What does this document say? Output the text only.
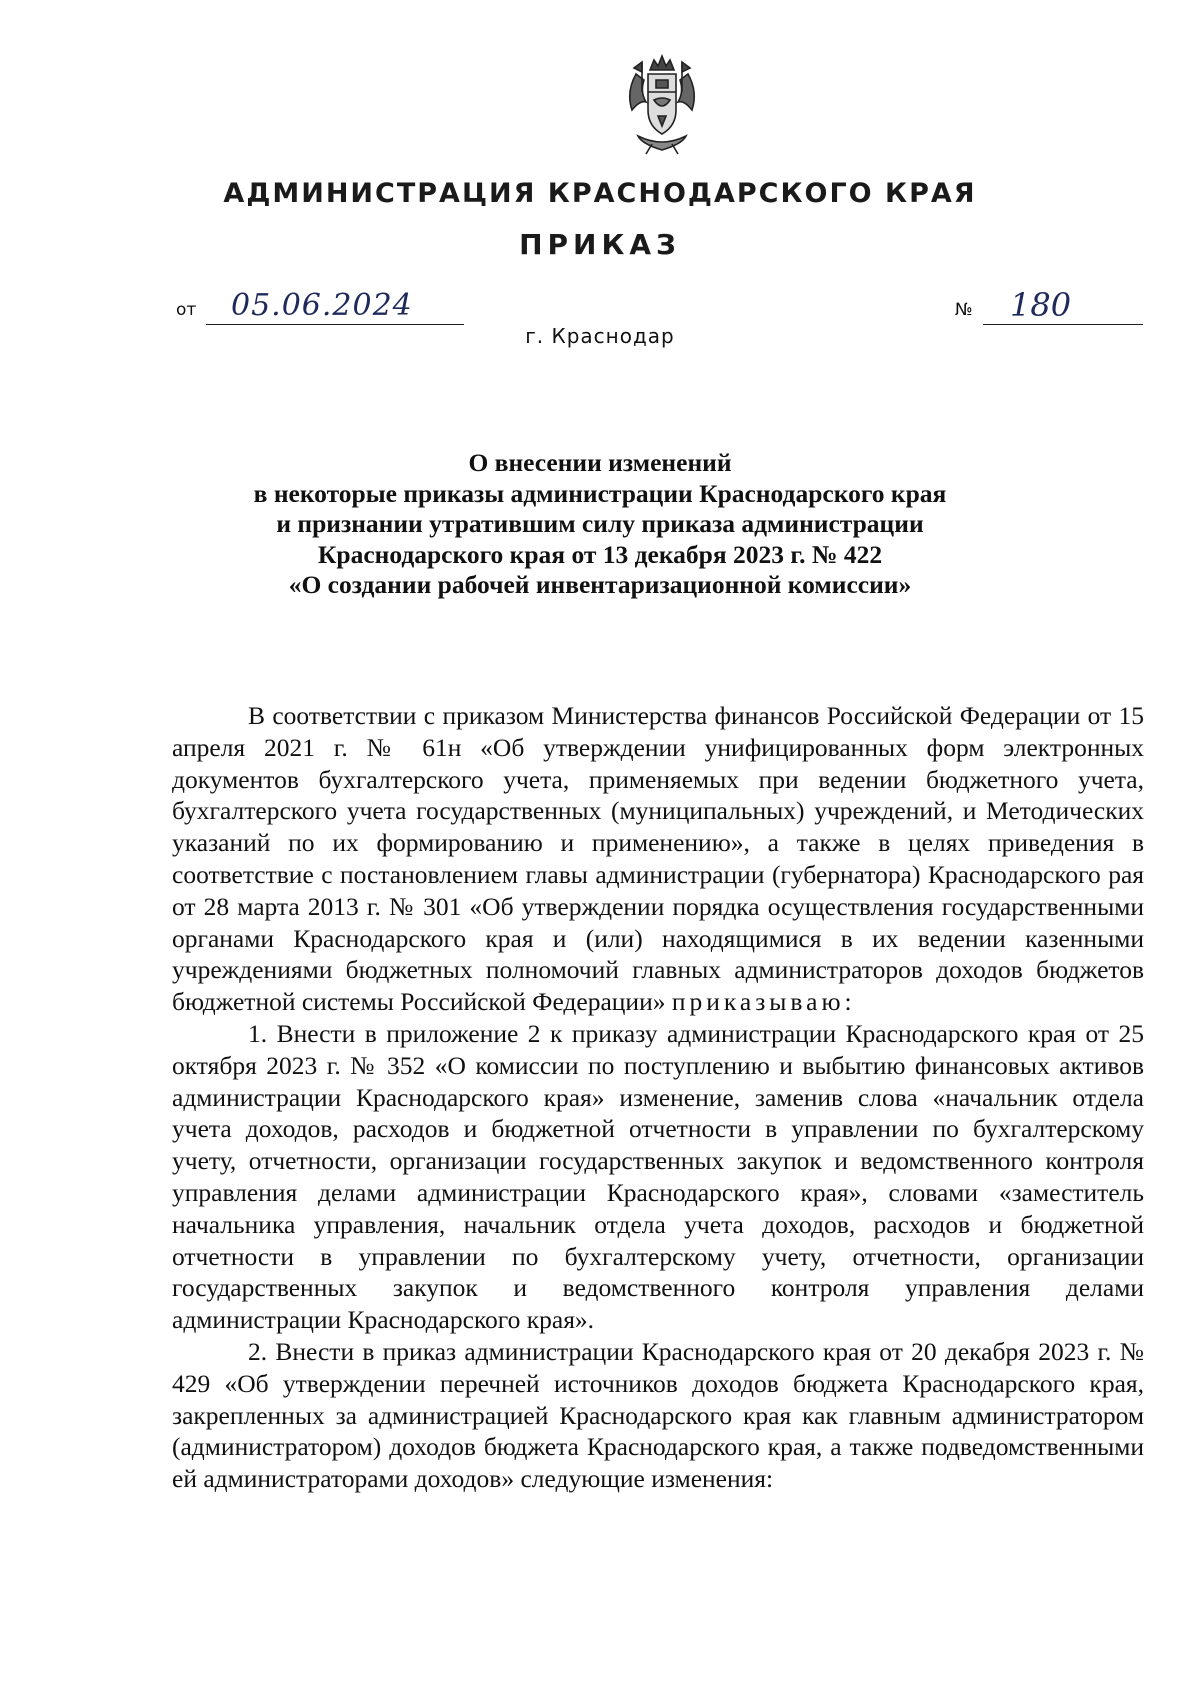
АДМИНИСТРАЦИЯ КРАСНОДАРСКОГО КРАЯ
ПРИКАЗ
от 05.06.2024	№ 180
г. Краснодар
О внесении изменений
в некоторые приказы администрации Краснодарского края
и признании утратившим силу приказа администрации
Краснодарского края от 13 декабря 2023 г. № 422
«О создании рабочей инвентаризационной комиссии»

В соответствии с приказом Министерства финансов Российской Федерации от 15 апреля 2021 г. № 61н «Об утверждении унифицированных форм электронных документов бухгалтерского учета, применяемых при ведении бюджетного учета, бухгалтерского учета государственных (муниципальных) учреждений, и Методических указаний по их формированию и применению», а также в целях приведения в соответствие с постановлением главы администрации (губернатора) Краснодарского рая от 28 марта 2013 г. № 301 «Об утверждении порядка осуществления государственными органами Краснодарского края и (или) находящимися в их ведении казенными учреждениями бюджетных полномочий главных администраторов доходов бюджетов бюджетной системы Российской Федерации» приказываю:

1. Внести в приложение 2 к приказу администрации Краснодарского края от 25 октября 2023 г. № 352 «О комиссии по поступлению и выбытию финансовых активов администрации Краснодарского края» изменение, заменив слова «начальник отдела учета доходов, расходов и бюджетной отчетности в управлении по бухгалтерскому учету, отчетности, организации государственных закупок и ведомственного контроля управления делами администрации Краснодарского края», словами «заместитель начальника управления, начальник отдела учета доходов, расходов и бюджетной отчетности в управлении по бухгалтерскому учету, отчетности, организации государственных закупок и ведомственного контроля управления делами администрации Краснодарского края».

2. Внести в приказ администрации Краснодарского края от 20 декабря 2023 г. № 429 «Об утверждении перечней источников доходов бюджета Краснодарского края, закрепленных за администрацией Краснодарского края как главным администратором (администратором) доходов бюджета Краснодарского края, а также подведомственными ей администраторами доходов» следующие изменения:
